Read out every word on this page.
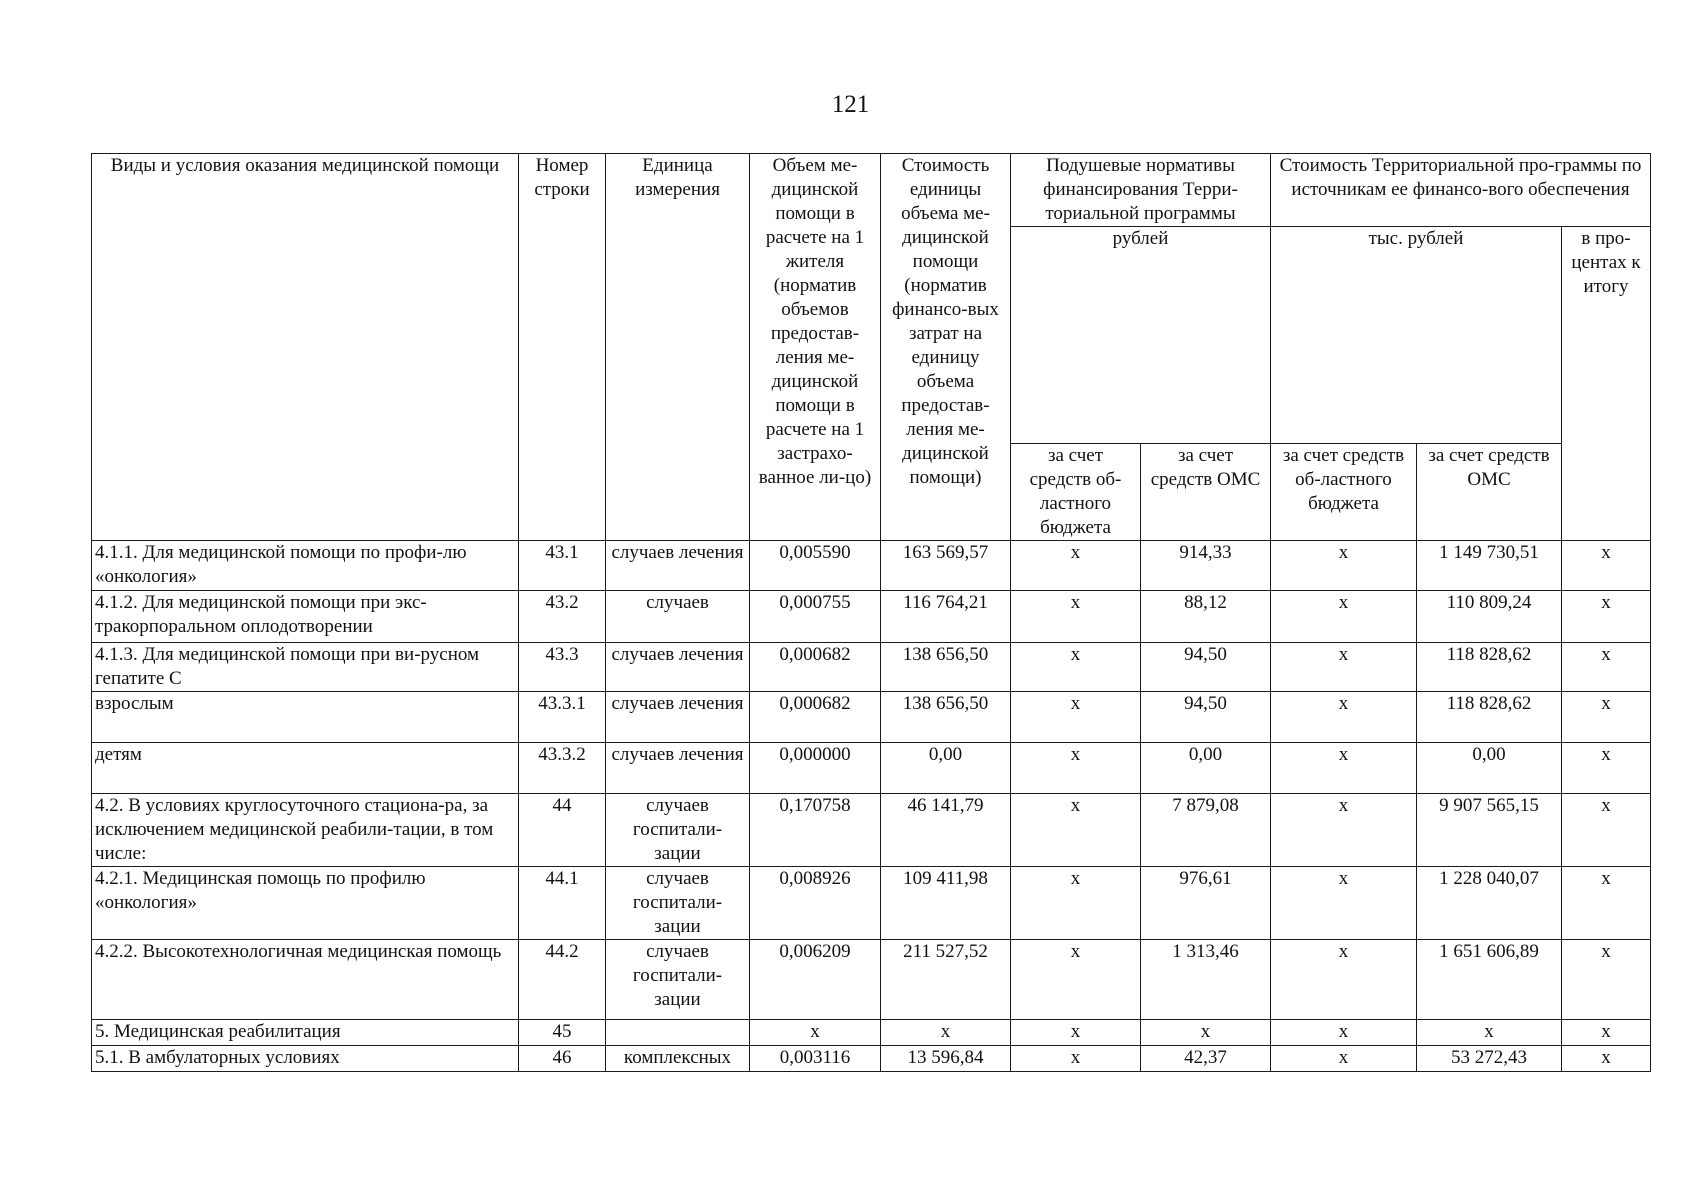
121
Виды и условия оказания медицинской помощи	Номер строки	Единица измерения	Объем ме-дицинской помощи в расчете на 1 жителя (норматив объемов предостав-ления ме-дицинской помощи в расчете на 1 застрахо-ванное ли-цо)	Стоимость единицы объема ме-дицинской помощи (норматив финансо-вых затрат на единицу объема предостав-ления ме-дицинской помощи)	Подушевые нормативы финансирования Терри-ториальной программы		Стоимость Территориальной про-граммы по источникам ее финансо-вого обеспечения		
					рублей		тыс. рублей		в про-центах к итогу
					за счет средств об-ластного бюджета	за счет средств ОМС	за счет средств об-ластного бюджета	за счет средств ОМС	
4.1.1. Для медицинской помощи по профи-лю «онкология»	43.1	случаев лечения	0,005590	163 569,57	х	914,33	х	1 149 730,51	х
4.1.2. Для медицинской помощи при экс-тракорпоральном оплодотворении	43.2	случаев	0,000755	116 764,21	х	88,12	х	110 809,24	х
4.1.3. Для медицинской помощи при ви-русном гепатите С	43.3	случаев лечения	0,000682	138 656,50	х	94,50	х	118 828,62	х
взрослым	43.3.1	случаев лечения	0,000682	138 656,50	х	94,50	х	118 828,62	х
детям	43.3.2	случаев лечения	0,000000	0,00	х	0,00	х	0,00	х
4.2. В условиях круглосуточного стациона-ра, за исключением медицинской реабили-тации, в том числе:	44	случаев госпитали-зации	0,170758	46 141,79	х	7 879,08	х	9 907 565,15	х
4.2.1. Медицинская помощь по профилю «онкология»	44.1	случаев госпитали-зации	0,008926	109 411,98	х	976,61	х	1 228 040,07	х
4.2.2. Высокотехнологичная медицинская помощь	44.2	случаев госпитали-зации	0,006209	211 527,52	х	1 313,46	х	1 651 606,89	х
5. Медицинская реабилитация	45		х	х	х	х	х	х	х
5.1. В амбулаторных условиях	46	комплексных	0,003116	13 596,84	х	42,37	х	53 272,43	х
